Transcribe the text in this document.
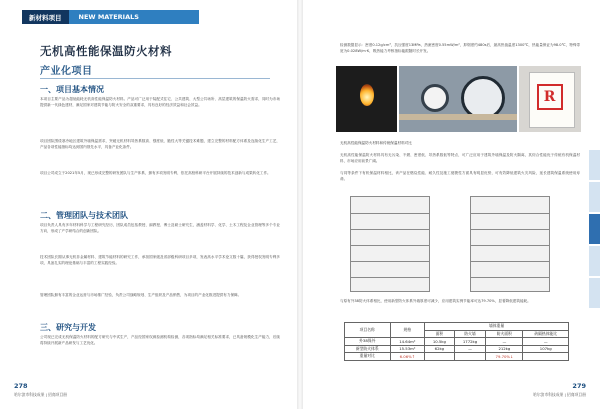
新材料项目	NEW MATERIALS
无机高性能保温防火材料
产业化项目
一、项目基本情况
本项目主要产品为超低能耗无机高性能保温防火材料。产品可广泛用于装配式住宅、公共建筑、大型公共场所、高层建筑的保温防火需求，同时为市场提供新一代绿色建材，满足国家对建筑节能与防火安全的双重要求，具有良好的经济效益和社会效益。
项目团队围绕寒冷地区建筑外墙保温需求，突破无机材料导热系数高、强度低、脆性大等关键技术难题，建立完整的材料配方体系及连续化生产工艺，产品各项性能指标均达到国内领先水平，具备产业化条件。
项目公司成立于2021年5月，现已形成完整的研发团队与生产体系，拥有多项发明专利，依托高校科研平台开展持续的技术创新与成果转化工作。
二、管理团队与技术团队
项目负责人具有多年材料科学与工程研究经历，团队成员包括教授、副教授、博士及硕士研究生，涵盖材料学、化学、土木工程及企业管理等多个专业方向，形成了产学研结合的创新团队。
技术团队长期从事无机非金属材料、建筑节能材料的研究工作，承担国家级及省部级科研项目多项，发表高水平学术论文数十篇，获得授权发明专利多项，具备扎实的理论基础与丰富的工程实践经验。
管理团队拥有丰富的企业运营与市场推广经验，负责公司战略规划、生产组织及产品销售，为项目的产业化推进提供有力保障。
三、研究与开发
公司现已完成无机保温防火材料的配方研究与中试生产，产品经国家权威检测机构检测，各项指标均满足相关标准要求，已具备规模化生产能力，后续将持续开展新产品研发与工艺优化。
278
哈尔滨市科技成果 | 招商项目册
检测数据显示：密度0.12g/cm³，抗压强度13MPa，热流密度0.55mW/m²，抑烟度约480s后，最高热值温度1300℃，热能量保证为98.0℃，特殊带宽为0.028W/m·K，吸热能力考核指标能跟随时长开发。
R
无机高性能保温防火材料和传统保温材料对比
无机高性能保温防火材料具有无污染、不燃、密度低、导热系数低等特点，可广泛应用于建筑外墙保温及防火隔离，其综合性能优于传统有机保温材料，市场应用前景广阔。
与同等条件下有机保温材料相比，该产品在燃烧性能、耐久性及施工便捷性方面具有明显优势，可有效降低建筑火灾风险，延长建筑保温系统使用寿命。
与原有外38防火体系相比，使用新型防火体系外墙厚度可减少，应用建筑实例节能率可达79.70%，显著降低建筑能耗。
项目名称	规格	墙体重量			
		面积	防火墙	防火面积	砖隔热体能比
外38保外	14.64m²	10.5kg	1772kg	—	—
新型防火体系	15.53m²	62kg	—	212kg	107kg
重量对比	6.06%↑			79.70%↓	
279
哈尔滨市科技成果 | 招商项目册
